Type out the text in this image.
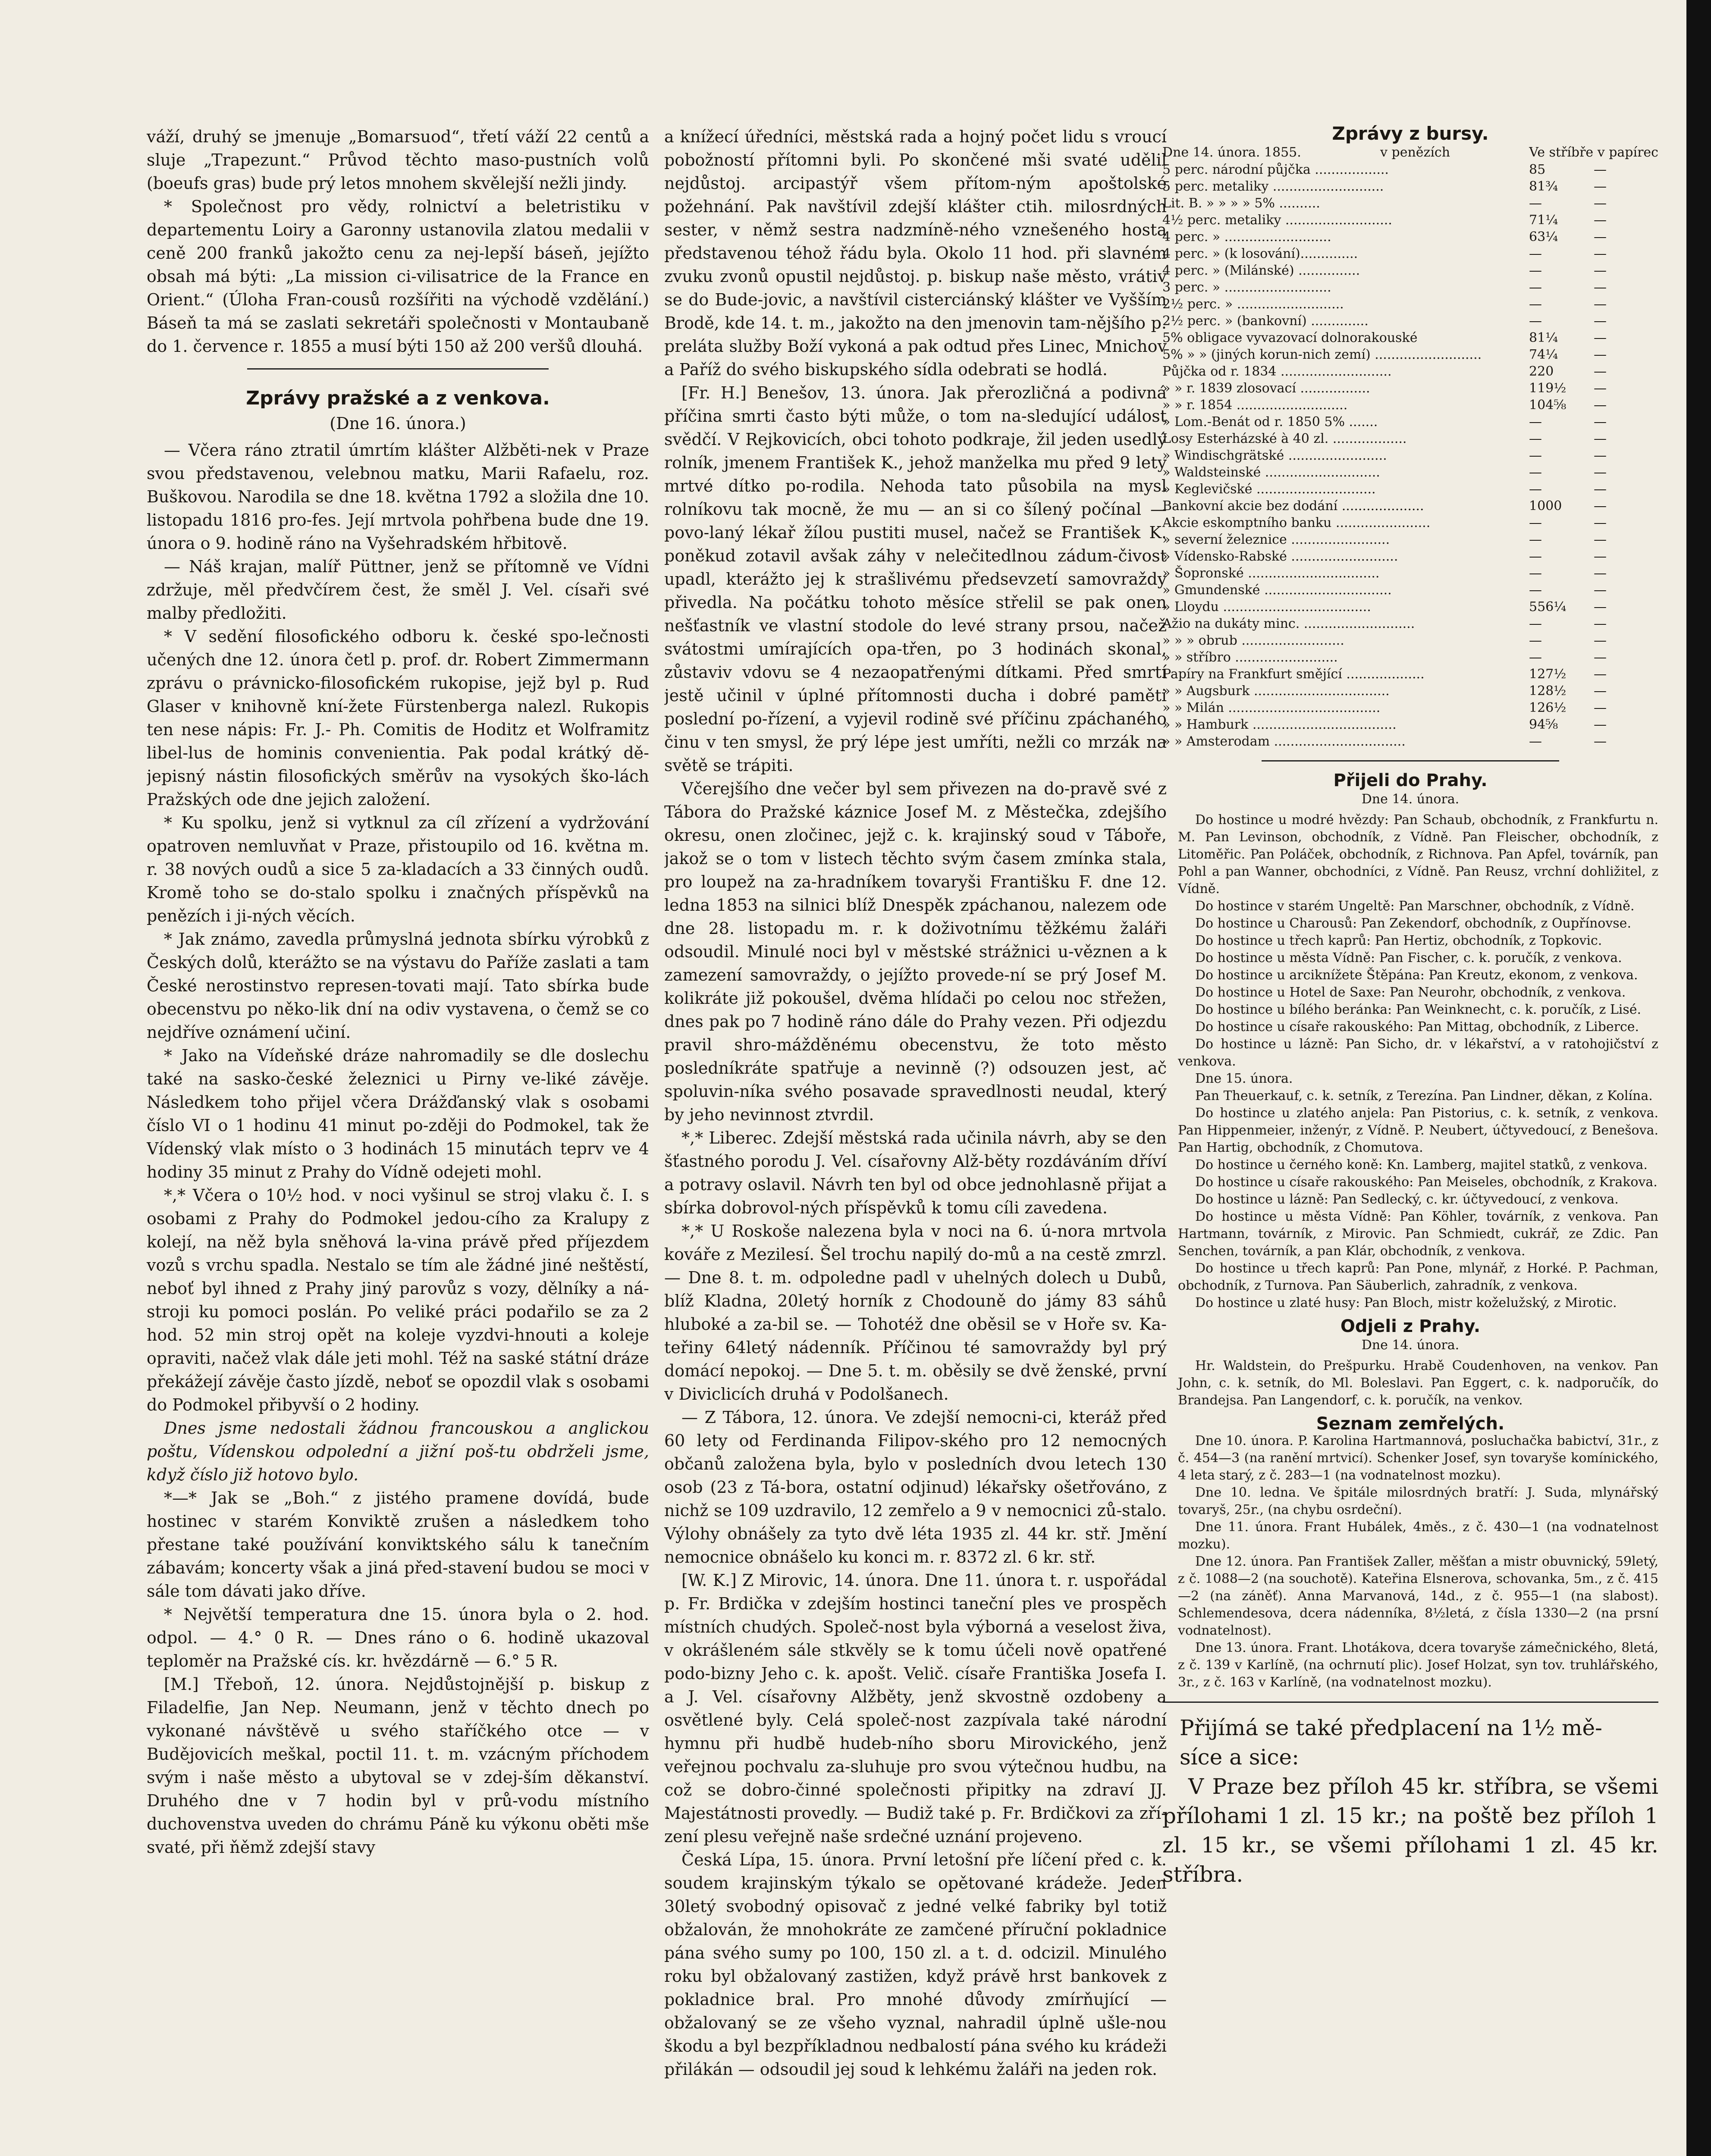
váží, druhý se jmenuje „Bomarsuod“, třetí váží 22 centů a sluje „Trapezunt.“ Průvod těchto maso-pustních volů (boeufs gras) bude prý letos mnohem skvělejší nežli jindy.

* Společnost pro vědy, rolnictví a beletristiku v departementu Loiry a Garonny ustanovila zlatou medalii v ceně 200 franků jakožto cenu za nej-lepší báseň, jejížto obsah má býti: „La mission ci-vilisatrice de la France en Orient.“ (Úloha Fran-cousů rozšířiti na východě vzdělání.) Báseň ta má se zaslati sekretáři společnosti v Montaubaně do 1. července r. 1855 a musí býti 150 až 200 veršů dlouhá.

Zprávy pražské a z venkova.
(Dne 16. února.)

— Včera ráno ztratil úmrtím klášter Alžběti-nek v Praze svou představenou, velebnou matku, Marii Rafaelu, roz. Buškovou. Narodila se dne 18. května 1792 a složila dne 10. listopadu 1816 pro-fes. Její mrtvola pohřbena bude dne 19. února o 9. hodině ráno na Vyšehradském hřbitově.

— Náš krajan, malíř Püttner, jenž se přítomně ve Vídni zdržuje, měl předvčírem čest, že směl J. Vel. císaři své malby předložiti.

* V sedění filosofického odboru k. české spo-lečnosti učených dne 12. února četl p. prof. dr. Robert Zimmermann zprávu o právnicko-filosofickém rukopise, jejž byl p. Rud Glaser v knihovně kní-žete Fürstenberga nalezl. Rukopis ten nese nápis: Fr. J.- Ph. Comitis de Hoditz et Wolframitz libel-lus de hominis convenientia. Pak podal krátký dě-jepisný nástin filosofických směrův na vysokých ško-lách Pražských ode dne jejich založení.

* Ku spolku, jenž si vytknul za cíl zřízení a vydržování opatroven nemluvňat v Praze, přistoupilo od 16. května m. r. 38 nových oudů a sice 5 za-kladacích a 33 činných oudů. Kromě toho se do-stalo spolku i značných příspěvků na penězích i ji-ných věcích.

* Jak známo, zavedla průmyslná jednota sbírku výrobků z Českých dolů, kterážto se na výstavu do Paříže zaslati a tam České nerostinstvo represen-tovati mají. Tato sbírka bude obecenstvu po něko-lik dní na odiv vystavena, o čemž se co nejdříve oznámení učiní.

* Jako na Vídeňské dráze nahromadily se dle doslechu také na sasko-české železnici u Pirny ve-liké závěje. Následkem toho přijel včera Drážďanský vlak s osobami číslo VI o 1 hodinu 41 minut po-zději do Podmokel, tak že Vídenský vlak místo o 3 hodinách 15 minutách teprv ve 4 hodiny 35 minut z Prahy do Vídně odejeti mohl.

*,* Včera o 10½ hod. v noci vyšinul se stroj vlaku č. I. s osobami z Prahy do Podmokel jedou-cího za Kralupy z kolejí, na něž byla sněhová la-vina právě před příjezdem vozů s vrchu spadla. Nestalo se tím ale žádné jiné neštěstí, neboť byl ihned z Prahy jiný parovůz s vozy, dělníky a ná-stroji ku pomoci poslán. Po veliké práci podařilo se za 2 hod. 52 min stroj opět na koleje vyzdvi-hnouti a koleje opraviti, načež vlak dále jeti mohl. Též na saské státní dráze překážejí závěje často jízdě, neboť se opozdil vlak s osobami do Podmokel přibyvší o 2 hodiny.

Dnes jsme nedostali žádnou francouskou a anglickou poštu, Vídenskou odpolední a jižní poš-tu obdrželi jsme, když číslo již hotovo bylo.

*—* Jak se „Boh.“ z jistého pramene dovídá, bude hostinec v starém Konviktě zrušen a následkem toho přestane také používání konviktského sálu k tanečním zábavám; koncerty však a jiná před-stavení budou se moci v sále tom dávati jako dříve.

* Největší temperatura dne 15. února byla o 2. hod. odpol. — 4.° 0 R. — Dnes ráno o 6. hodině ukazoval teploměr na Pražské cís. kr. hvězdárně — 6.° 5 R.

[M.] Třeboň, 12. února. Nejdůstojnější p. biskup z Filadelfie, Jan Nep. Neumann, jenž v těchto dnech po vykonané návštěvě u svého staříčkého otce — v Budějovicích meškal, poctil 11. t. m. vzácným příchodem svým i naše město a ubytoval se v zdej-ším děkanství. Druhého dne v 7 hodin byl v prů-vodu místního duchovenstva uveden do chrámu Páně ku výkonu oběti mše svaté, při ňěmž zdejší stavy

a knížecí úředníci, městská rada a hojný počet lidu s vroucí pobožností přítomni byli. Po skončené mši svaté udělil nejdůstoj. arcipastýř všem přítom-ným apoštolské požehnání. Pak navštívil zdejší klášter ctih. milosrdných sester, v němž sestra nadzmíně-ného vznešeného hosta představenou téhož řádu byla. Okolo 11 hod. při slavném zvuku zvonů opustil nejdůstoj. p. biskup naše město, vrátiv se do Bude-jovic, a navštívil cisterciánský klášter ve Vyšším Brodě, kde 14. t. m., jakožto na den jmenovin tam-nějšího p. preláta služby Boží vykoná a pak odtud přes Linec, Mnichov a Paříž do svého biskupského sídla odebrati se hodlá.

[Fr. H.] Benešov, 13. února. Jak přerozličná a podivná příčina smrti často býti může, o tom na-sledující událost svědčí. V Rejkovicích, obci tohoto podkraje, žil jeden usedlý rolník, jmenem František K., jehož manželka mu před 9 lety mrtvé dítko po-rodila. Nehoda tato působila na mysl rolníkovu tak mocně, že mu — an si co šílený počínal — povo-laný lékař žílou pustiti musel, načež se František K. poněkud zotavil avšak záhy v nelečitedlnou zádum-čivost upadl, kterážto jej k strašlivému předsevzetí samovraždy přivedla. Na počátku tohoto měsíce střelil se pak onen nešťastník ve vlastní stodole do levé strany prsou, načež svátostmi umírajících opa-třen, po 3 hodinách skonal, zůstaviv vdovu se 4 nezaopatřenými dítkami. Před smrtí jestě učinil v úplné přítomnosti ducha i dobré paměti poslední po-řízení, a vyjevil rodině své příčinu zpáchaného činu v ten smysl, že prý lépe jest umříti, nežli co mrzák na světě se trápiti.

Včerejšího dne večer byl sem přivezen na do-pravě své z Tábora do Pražské káznice Josef M. z Městečka, zdejšího okresu, onen zločinec, jejž c. k. krajinský soud v Táboře, jakož se o tom v listech těchto svým časem zmínka stala, pro loupež na za-hradníkem tovaryši Františku F. dne 12. ledna 1853 na silnici blíž Dnespěk zpáchanou, nalezem ode dne 28. listopadu m. r. k doživotnímu těžkému žaláři odsoudil. Minulé noci byl v městské strážnici u-věznen a k zamezení samovraždy, o jejížto provede-ní se prý Josef M. kolikráte již pokoušel, dvěma hlídači po celou noc střežen, dnes pak po 7 hodině ráno dále do Prahy vezen. Při odjezdu pravil shro-mážděnému obecenstvu, že toto město posledníkráte spatřuje a nevinně (?) odsouzen jest, ač spoluvin-níka svého posavade spravedlnosti neudal, který by jeho nevinnost ztvrdil.

*,* Liberec. Zdejší městská rada učinila návrh, aby se den šťastného porodu J. Vel. císařovny Alž-běty rozdáváním dříví a potravy oslavil. Návrh ten byl od obce jednohlasně přijat a sbírka dobrovol-ných příspěvků k tomu cíli zavedena.

*,* U Roskoše nalezena byla v noci na 6. ú-nora mrtvola kováře z Mezilesí. Šel trochu napilý do-mů a na cestě zmrzl. — Dne 8. t. m. odpoledne padl v uhelných dolech u Dubů, blíž Kladna, 20letý horník z Chodouně do jámy 83 sáhů hluboké a za-bil se. — Tohotéž dne oběsil se v Hoře sv. Ka-teřiny 64letý nádenník. Příčinou té samovraždy byl prý domácí nepokoj. — Dne 5. t. m. oběsily se dvě ženské, první v Diviclicích druhá v Podolšanech.

— Z Tábora, 12. února. Ve zdejší nemocni-ci, kteráž před 60 lety od Ferdinanda Filipov-ského pro 12 nemocných občanů založena byla, bylo v posledních dvou letech 130 osob (23 z Tá-bora, ostatní odjinud) lékařsky ošetřováno, z nichž se 109 uzdravilo, 12 zemřelo a 9 v nemocnici zů-stalo. Výlohy obnášely za tyto dvě léta 1935 zl. 44 kr. stř. Jmění nemocnice obnášelo ku konci m. r. 8372 zl. 6 kr. stř.

[W. K.] Z Mirovic, 14. února. Dne 11. února t. r. uspořádal p. Fr. Brdička v zdejším hostinci taneční ples ve prospěch místních chudých. Společ-nost byla výborná a veselost živa, v okrášleném sále stkvěly se k tomu účeli nově opatřené podo-bizny Jeho c. k. apošt. Velič. císaře Františka Josefa I. a J. Vel. císařovny Alžběty, jenž skvostně ozdobeny a osvětlené byly. Celá společ-nost zazpívala také národní hymnu při hudbě hudeb-ního sboru Mirovického, jenž veřejnou pochvalu za-sluhuje pro svou výtečnou hudbu, na což se dobro-činné společnosti připitky na zdraví JJ. Majestátnosti provedly. — Budiž také p. Fr. Brdičkovi za zří-zení plesu veřejně naše srdečné uznání projeveno.

Česká Lípa, 15. února. První letošní pře líčení před c. k. soudem krajinským týkalo se opětované krádeže. Jeden 30letý svobodný opisovač z jedné velké fabriky byl totiž obžalován, že mnohokráte ze zamčené příruční pokladnice pána svého sumy po 100, 150 zl. a t. d. odcizil. Minulého roku byl obžalovaný zastižen, když právě hrst bankovek z pokladnice bral. Pro mnohé důvody zmírňující — obžalovaný se ze všeho vyznal, nahradil úplně ušle-nou škodu a byl bezpříkladnou nedbalostí pána svého ku krádeži přilákán — odsoudil jej soud k lehkému žaláři na jeden rok.

Zprávy z bursy.
Dne 14. února. 1855.	v penězích	Ve stříbře v papírec
5 perc. národní půjčka ..................	85	—
5 perc. metaliky ...........................	81¾	—
Lit. B. » » » » 5% ..........	—	—
4½ perc. metaliky ..........................	71¼	—
4 perc. » ..........................	63¼	—
4 perc. » (k losování)..............	—	—
4 perc. » (Milánské) ...............	—	—
3 perc. » ..........................	—	—
2½ perc. » ..........................	—	—
2½ perc. » (bankovní) ..............	—	—
5% obligace vyvazovací dolnorakouské	81¼	—
5% » » (jiných korun-nich zemí) ..........................	74¼	—
Půjčka od r. 1834 ...........................	220	—
» » r. 1839 zlosovací .................	119½	—
» » r. 1854 ...........................	104⅝	—
» Lom.-Benát od r. 1850 5% .......	—	—
Losy Esterházské à 40 zl. ..................	—	—
» Windischgrätské ........................	—	—
» Waldsteinské ............................	—	—
» Keglevičské .............................	—	—
Bankovní akcie bez dodání ....................	1000	—
Akcie eskomptního banku .......................	—	—
» severní železnice ........................	—	—
» Vídensko-Rabské ..........................	—	—
» Šopronské ................................	—	—
» Gmundenské ...............................	—	—
» Lloydu ....................................	556¼	—
Ažio na dukáty minc. ...........................	—	—
» » » obrub .........................	—	—
» » stříbro .........................	—	—
Papíry na Frankfurt smějící ...................	127½	—
» » Augsburk .................................	128½	—
» » Milán .....................................	126½	—
» » Hamburk ...................................	94⅝	—
» » Amsterodam ................................	—	—
Přijeli do Prahy.
Dne 14. února.

Do hostince u modré hvězdy: Pan Schaub, obchodník, z Frankfurtu n. M. Pan Levinson, obchodník, z Vídně. Pan Fleischer, obchodník, z Litoměřic. Pan Poláček, obchodník, z Richnova. Pan Apfel, továrník, pan Pohl a pan Wanner, obchodníci, z Vídně. Pan Reusz, vrchní dohližitel, z Vídně.

Do hostince v starém Ungeltě: Pan Marschner, obchodník, z Vídně.

Do hostince u Charousů: Pan Zekendorf, obchodník, z Oupřínovse.

Do hostince u třech kaprů: Pan Hertiz, obchodník, z Topkovic.

Do hostince u města Vídně: Pan Fischer, c. k. poručík, z venkova.

Do hostince u arciknížete Štěpána: Pan Kreutz, ekonom, z venkova.

Do hostince u Hotel de Saxe: Pan Neurohr, obchodník, z venkova.

Do hostince u bílého beránka: Pan Weinknecht, c. k. poručík, z Lisé.

Do hostince u císaře rakouského: Pan Mittag, obchodník, z Liberce.

Do hostince u lázně: Pan Sicho, dr. v lékařství, a v ratohojičství z venkova.

Dne 15. února.

Pan Theuerkauf, c. k. setník, z Terezína. Pan Lindner, děkan, z Kolína.

Do hostince u zlatého anjela: Pan Pistorius, c. k. setník, z venkova. Pan Hippenmeier, inženýr, z Vídně. P. Neubert, účtyvedoucí, z Benešova. Pan Hartig, obchodník, z Chomutova.

Do hostince u černého koně: Kn. Lamberg, majitel statků, z venkova.

Do hostince u císaře rakouského: Pan Meiseles, obchodník, z Krakova.

Do hostince u lázně: Pan Sedlecký, c. kr. účtyvedoucí, z venkova.

Do hostince u města Vídně: Pan Köhler, továrník, z venkova. Pan Hartmann, továrník, z Mirovic. Pan Schmiedt, cukrář, ze Zdic. Pan Senchen, továrník, a pan Klár, obchodník, z venkova.

Do hostince u třech kaprů: Pan Pone, mlynář, z Horké. P. Pachman, obchodník, z Turnova. Pan Säuberlich, zahradník, z venkova.

Do hostince u zlaté husy: Pan Bloch, mistr koželužský, z Mirotic.

Odjeli z Prahy.
Dne 14. února.

Hr. Waldstein, do Prešpurku. Hrabě Coudenhoven, na venkov. Pan John, c. k. setník, do Ml. Boleslavi. Pan Eggert, c. k. nadporučík, do Brandejsa. Pan Langendorf, c. k. poručík, na venkov.

Seznam zemřelých.

Dne 10. února. P. Karolina Hartmannová, posluchačka babictví, 31r., z č. 454—3 (na ranění mrtvicí). Schenker Josef, syn tovaryše komínického, 4 leta starý, z č. 283—1 (na vodnatelnost mozku).

Dne 10. ledna. Ve špitále milosrdných bratří: J. Suda, mlynářský tovaryš, 25r., (na chybu osrdeční).

Dne 11. února. Frant Hubálek, 4měs., z č. 430—1 (na vodnatelnost mozku).

Dne 12. února. Pan František Zaller, měšťan a mistr obuvnický, 59letý, z č. 1088—2 (na souchotě). Kateřina Elsnerova, schovanka, 5m., z č. 415—2 (na záněť). Anna Marvanová, 14d., z č. 955—1 (na slabost). Schlemendesova, dcera nádenníka, 8½letá, z čísla 1330—2 (na prsní vodnatelnost).

Dne 13. února. Frant. Lhotákova, dcera tovaryše zámečnického, 8letá, z č. 139 v Karlíně, (na ochrnutí plic). Josef Holzat, syn tov. truhlářského, 3r., z č. 163 v Karlíně, (na vodnatelnost mozku).

Přijímá se také předplacení na 1½ mě-

síce a sice:

V Praze bez příloh 45 kr. stříbra, se všemi přílohami 1 zl. 15 kr.; na poště bez příloh 1 zl. 15 kr., se všemi přílohami 1 zl. 45 kr. stříbra.
